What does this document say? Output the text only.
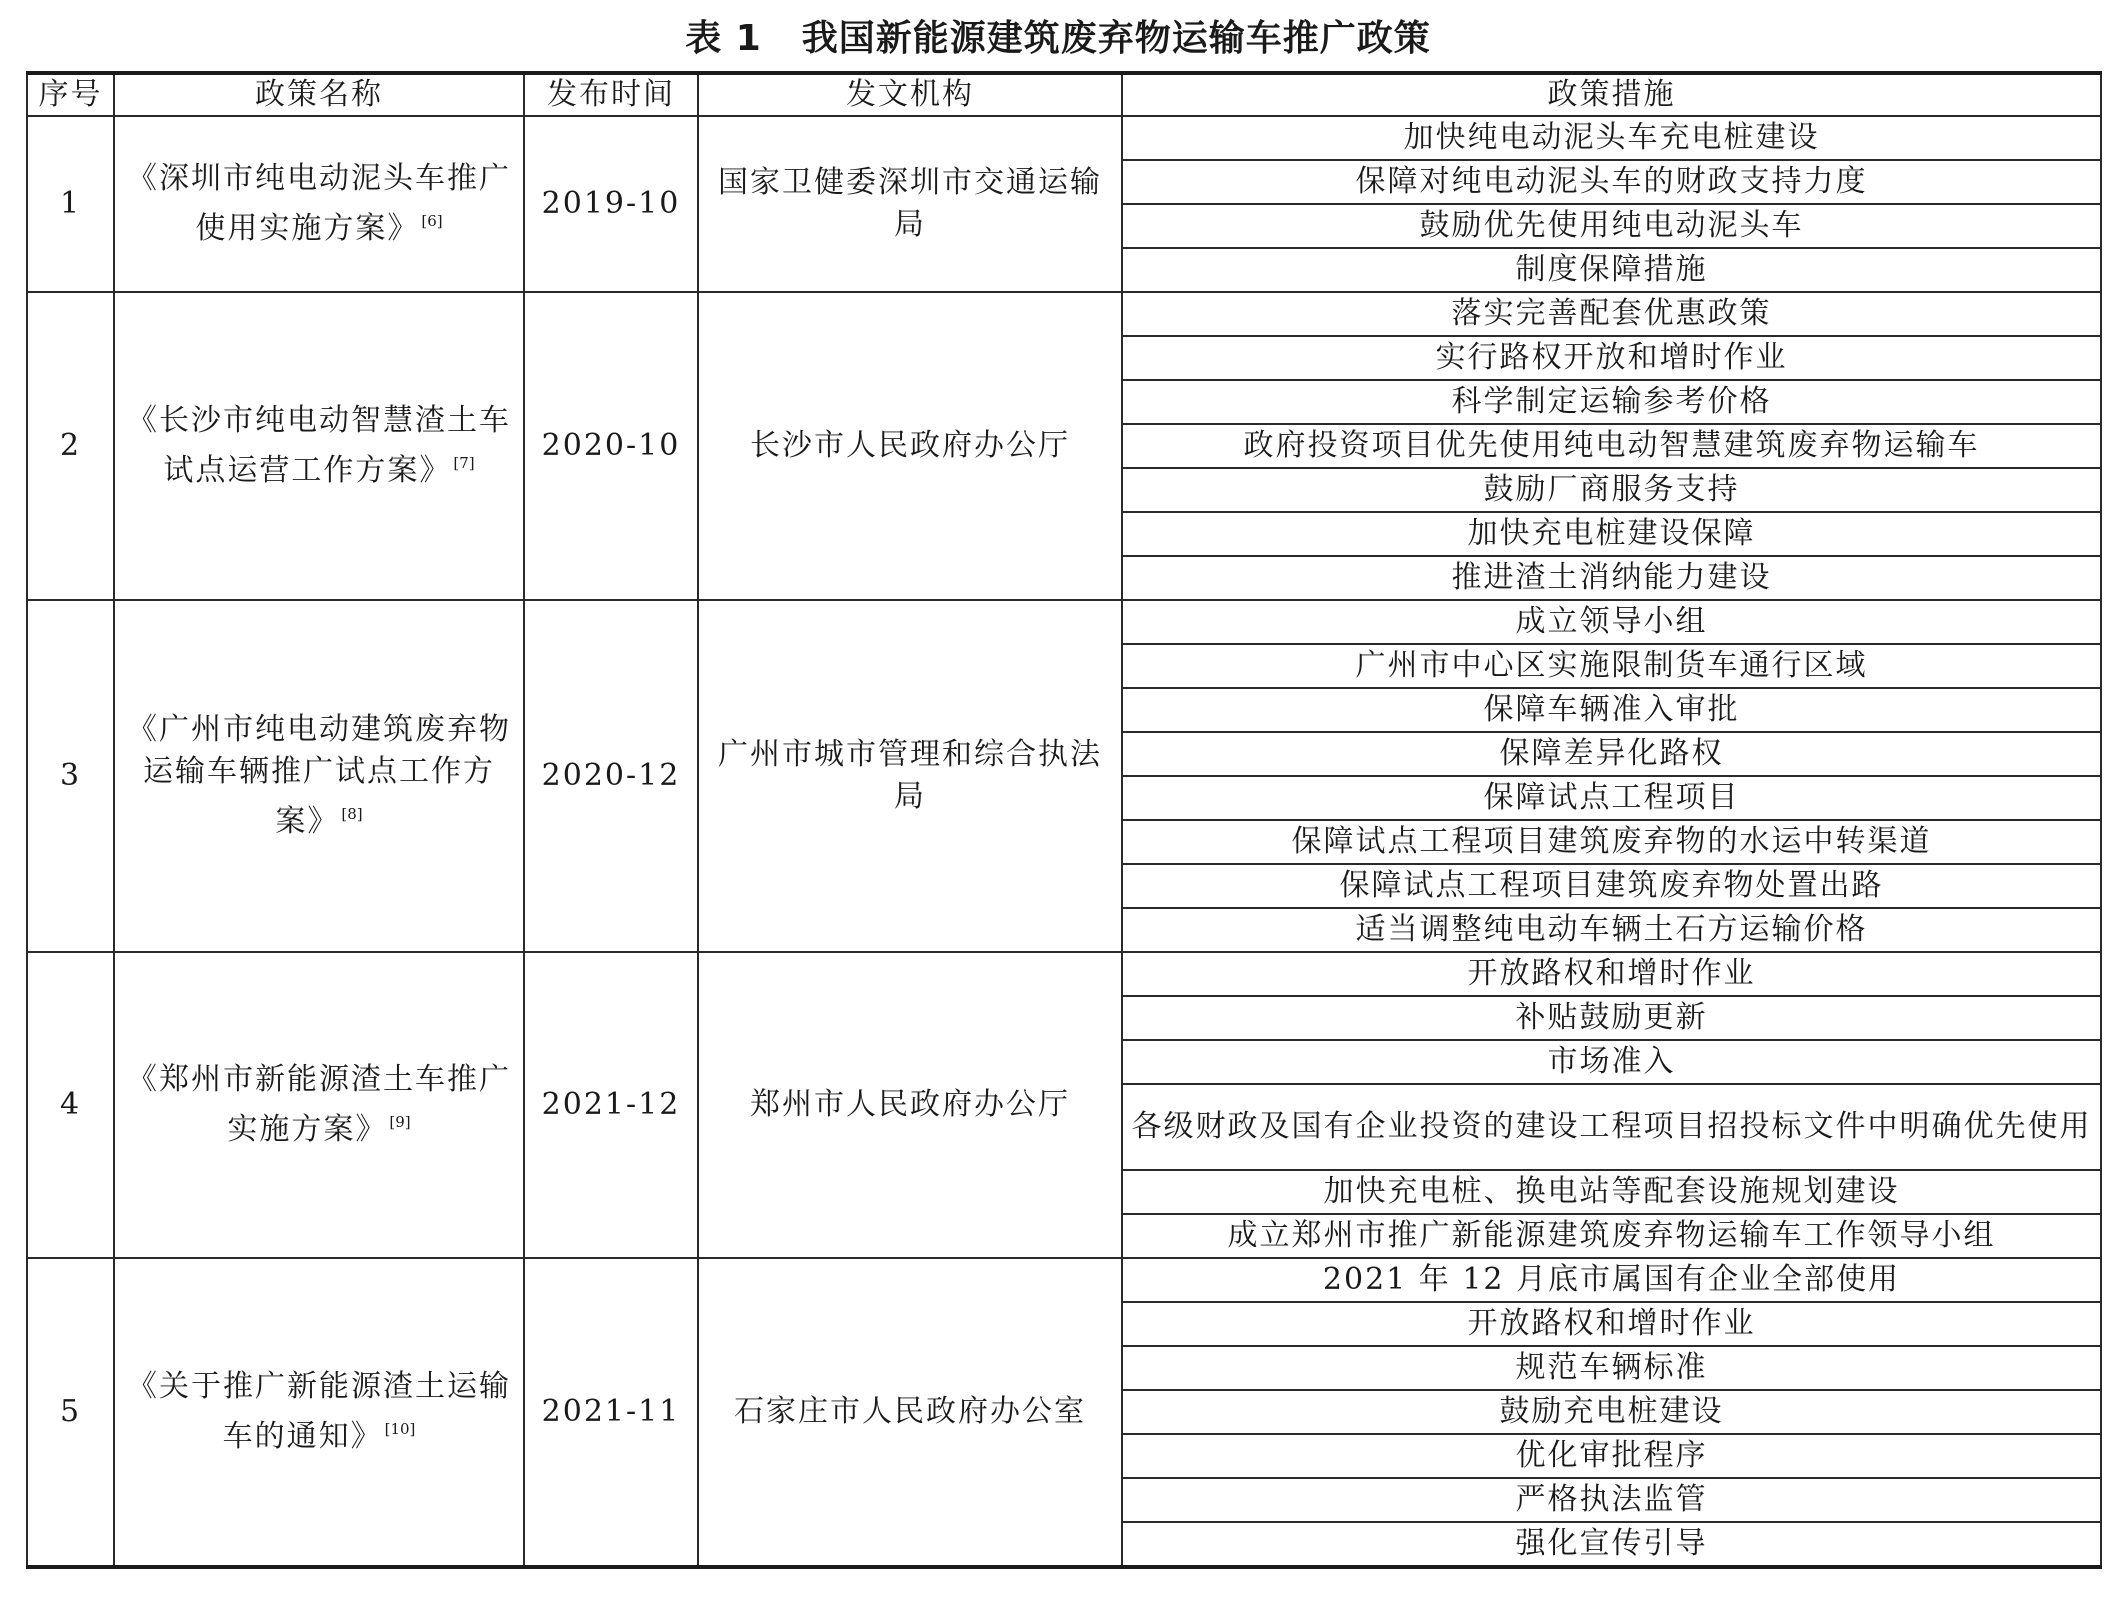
表 1 我国新能源建筑废弃物运输车推广政策
序号	政策名称	发布时间	发文机构	政策措施
1	《深圳市纯电动泥头车推广使用实施方案》 [6]	2019-10	国家卫健委深圳市交通运输局	加快纯电动泥头车充电桩建设
				保障对纯电动泥头车的财政支持力度
				鼓励优先使用纯电动泥头车
				制度保障措施
2	《长沙市纯电动智慧渣土车试点运营工作方案》 [7]	2020-10	长沙市人民政府办公厅	落实完善配套优惠政策
				实行路权开放和增时作业
				科学制定运输参考价格
				政府投资项目优先使用纯电动智慧建筑废弃物运输车
				鼓励厂商服务支持
				加快充电桩建设保障
				推进渣土消纳能力建设
3	《广州市纯电动建筑废弃物运输车辆推广试点工作方案》 [8]	2020-12	广州市城市管理和综合执法局	成立领导小组
				广州市中心区实施限制货车通行区域
				保障车辆准入审批
				保障差异化路权
				保障试点工程项目
				保障试点工程项目建筑废弃物的水运中转渠道
				保障试点工程项目建筑废弃物处置出路
				适当调整纯电动车辆土石方运输价格
4	《郑州市新能源渣土车推广实施方案》 [9]	2021-12	郑州市人民政府办公厅	开放路权和增时作业
				补贴鼓励更新
				市场准入
				各级财政及国有企业投资的建设工程项目招投标文件中明确优先使用
				加快充电桩、换电站等配套设施规划建设
				成立郑州市推广新能源建筑废弃物运输车工作领导小组
5	《关于推广新能源渣土运输车的通知》 [10]	2021-11	石家庄市人民政府办公室	2021 年 12 月底市属国有企业全部使用
				开放路权和增时作业
				规范车辆标准
				鼓励充电桩建设
				优化审批程序
				严格执法监管
				强化宣传引导
